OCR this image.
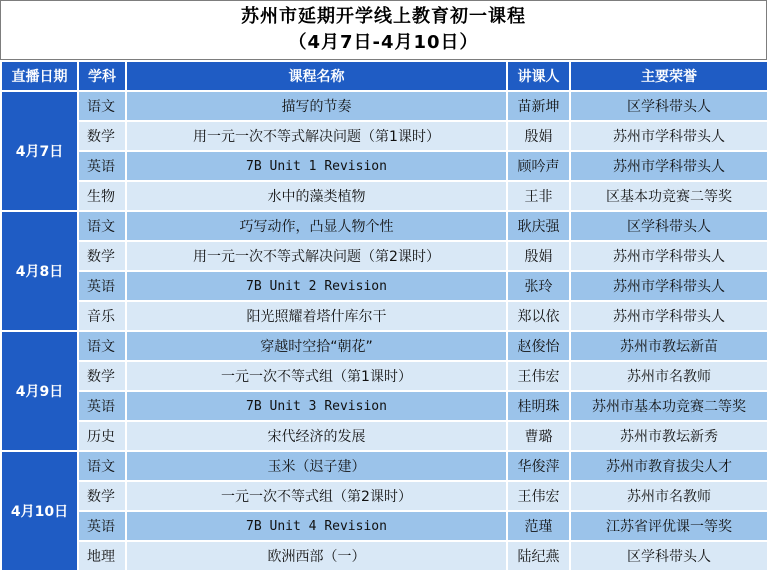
苏州市延期开学线上教育初一课程
（4月7日-4月10日）
直播日期	学科	课程名称	讲课人	主要荣誉
4月7日	语文	描写的节奏	苗新坤	区学科带头人
	数学	用一元一次不等式解决问题（第1课时）	殷娟	苏州市学科带头人
	英语	7B Unit 1 Revision	顾吟声	苏州市学科带头人
	生物	水中的藻类植物	王非	区基本功竞赛二等奖
4月8日	语文	巧写动作，凸显人物个性	耿庆强	区学科带头人
	数学	用一元一次不等式解决问题（第2课时）	殷娟	苏州市学科带头人
	英语	7B Unit 2 Revision	张玲	苏州市学科带头人
	音乐	阳光照耀着塔什库尔干	郑以依	苏州市学科带头人
4月9日	语文	穿越时空拾“朝花”	赵俊怡	苏州市教坛新苗
	数学	一元一次不等式组（第1课时）	王伟宏	苏州市名教师
	英语	7B Unit 3 Revision	桂明珠	苏州市基本功竞赛二等奖
	历史	宋代经济的发展	曹璐	苏州市教坛新秀
4月10日	语文	玉米（迟子建）	华俊萍	苏州市教育拔尖人才
	数学	一元一次不等式组（第2课时）	王伟宏	苏州市名教师
	英语	7B Unit 4 Revision	范瑾	江苏省评优课一等奖
	地理	欧洲西部（一）	陆纪燕	区学科带头人
